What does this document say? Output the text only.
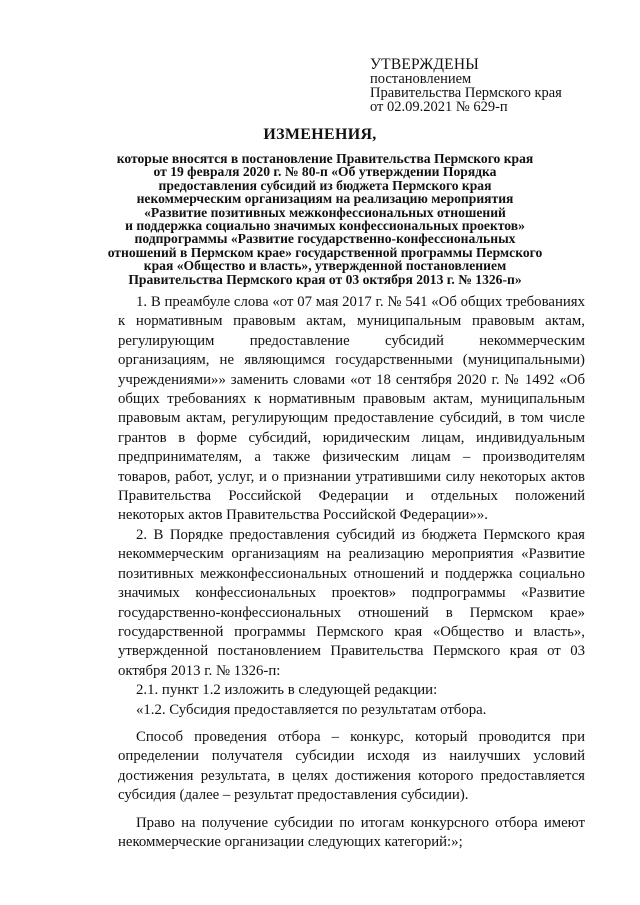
УТВЕРЖДЕНЫ
постановлением
Правительства Пермского края
от 02.09.2021 № 629-п
ИЗМЕНЕНИЯ,
которые вносятся в постановление Правительства Пермского края
от 19 февраля 2020 г. № 80-п «Об утверждении Порядка
предоставления субсидий из бюджета Пермского края
некоммерческим организациям на реализацию мероприятия
«Развитие позитивных межконфессиональных отношений
и поддержка социально значимых конфессиональных проектов»
подпрограммы «Развитие государственно-конфессиональных
отношений в Пермском крае» государственной программы Пермского
края «Общество и власть», утвержденной постановлением
Правительства Пермского края от 03 октября 2013 г. № 1326-п»

1. В преамбуле слова «от 07 мая 2017 г. № 541 «Об общих требованиях к нормативным правовым актам, муниципальным правовым актам, регулирующим предоставление субсидий некоммерческим организациям, не являющимся государственными (муниципальными) учреждениями»» заменить словами «от 18 сентября 2020 г. № 1492 «Об общих требованиях к нормативным правовым актам, муниципальным правовым актам, регулирующим предоставление субсидий, в том числе грантов в форме субсидий, юридическим лицам, индивидуальным предпринимателям, а также физическим лицам – производителям товаров, работ, услуг, и о признании утратившими силу некоторых актов Правительства Российской Федерации и отдельных положений некоторых актов Правительства Российской Федерации»».

2. В Порядке предоставления субсидий из бюджета Пермского края некоммерческим организациям на реализацию мероприятия «Развитие позитивных межконфессиональных отношений и поддержка социально значимых конфессиональных проектов» подпрограммы «Развитие государственно-конфессиональных отношений в Пермском крае» государственной программы Пермского края «Общество и власть», утвержденной постановлением Правительства Пермского края от 03 октября 2013 г. № 1326-п:

2.1. пункт 1.2 изложить в следующей редакции:

«1.2. Субсидия предоставляется по результатам отбора.

Способ проведения отбора – конкурс, который проводится при определении получателя субсидии исходя из наилучших условий достижения результата, в целях достижения которого предоставляется субсидия (далее – результат предоставления субсидии).

Право на получение субсидии по итогам конкурсного отбора имеют некоммерческие организации следующих категорий:»;
